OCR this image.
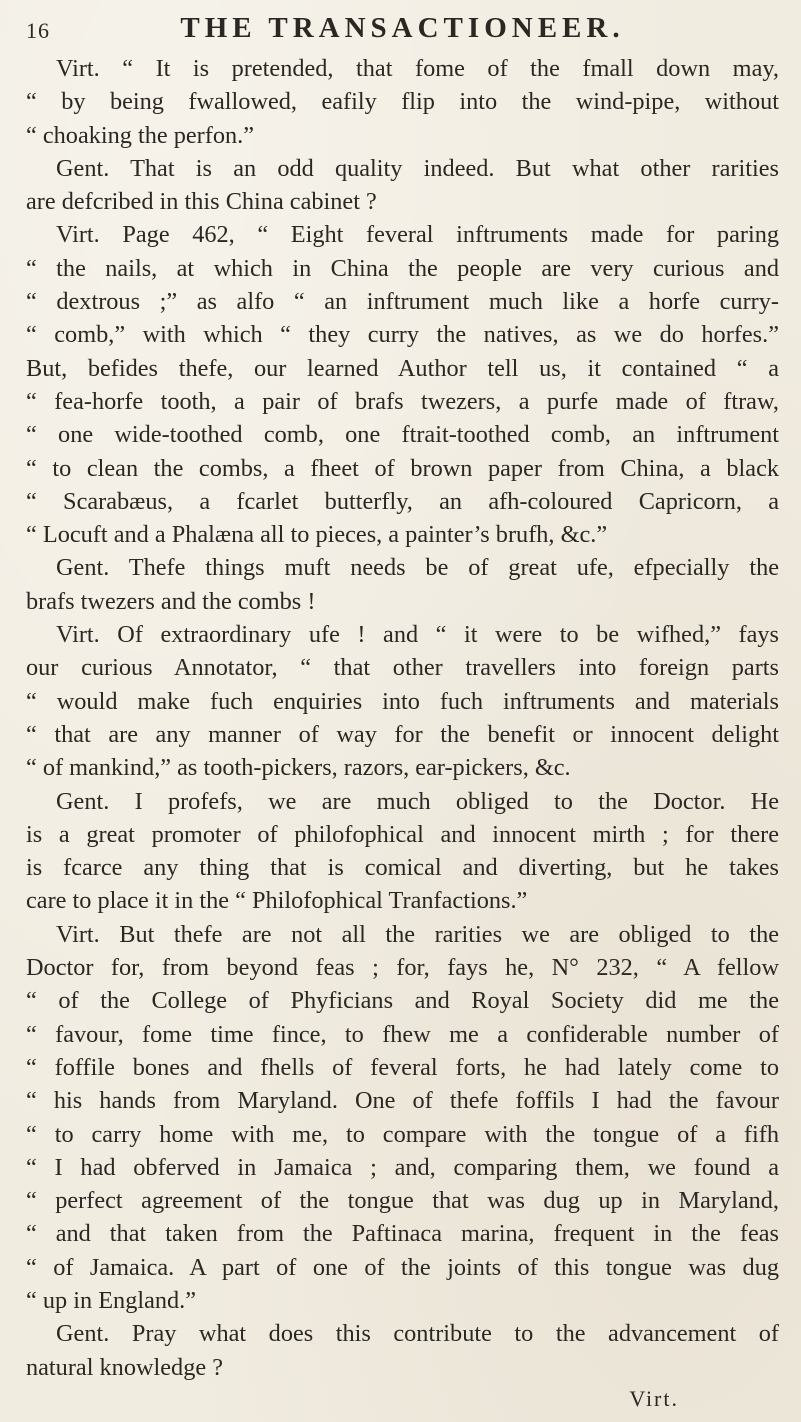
16	THE TRANSACTIONEER.
Virt. “ It is pretended, that fome of the fmall down may,
“ by being fwallowed, eafily flip into the wind-pipe, without
“ choaking the perfon.”
Gent. That is an odd quality indeed. But what other rarities
are defcribed in this China cabinet ?
Virt. Page 462, “ Eight feveral inftruments made for paring
“ the nails, at which in China the people are very curious and
“ dextrous ;” as alfo “ an inftrument much like a horfe curry-
“ comb,” with which “ they curry the natives, as we do horfes.”
But, befides thefe, our learned Author tell us, it contained “ a
“ fea-horfe tooth, a pair of brafs twezers, a purfe made of ftraw,
“ one wide-toothed comb, one ftrait-toothed comb, an inftrument
“ to clean the combs, a fheet of brown paper from China, a black
“ Scarabæus, a fcarlet butterfly, an afh-coloured Capricorn, a
“ Locuft and a Phalæna all to pieces, a painter’s brufh, &c.”
Gent. Thefe things muft needs be of great ufe, efpecially the
brafs twezers and the combs !
Virt. Of extraordinary ufe ! and “ it were to be wifhed,” fays
our curious Annotator, “ that other travellers into foreign parts
“ would make fuch enquiries into fuch inftruments and materials
“ that are any manner of way for the benefit or innocent delight
“ of mankind,” as tooth-pickers, razors, ear-pickers, &c.
Gent. I profefs, we are much obliged to the Doctor. He
is a great promoter of philofophical and innocent mirth ; for there
is fcarce any thing that is comical and diverting, but he takes
care to place it in the “ Philofophical Tranfactions.”
Virt. But thefe are not all the rarities we are obliged to the
Doctor for, from beyond feas ; for, fays he, N° 232, “ A fellow
“ of the College of Phyficians and Royal Society did me the
“ favour, fome time fince, to fhew me a confiderable number of
“ foffile bones and fhells of feveral forts, he had lately come to
“ his hands from Maryland. One of thefe foffils I had the favour
“ to carry home with me, to compare with the tongue of a fifh
“ I had obferved in Jamaica ; and, comparing them, we found a
“ perfect agreement of the tongue that was dug up in Maryland,
“ and that taken from the Paftinaca marina, frequent in the feas
“ of Jamaica. A part of one of the joints of this tongue was dug
“ up in England.”
Gent. Pray what does this contribute to the advancement of
natural knowledge ?
Virt.
